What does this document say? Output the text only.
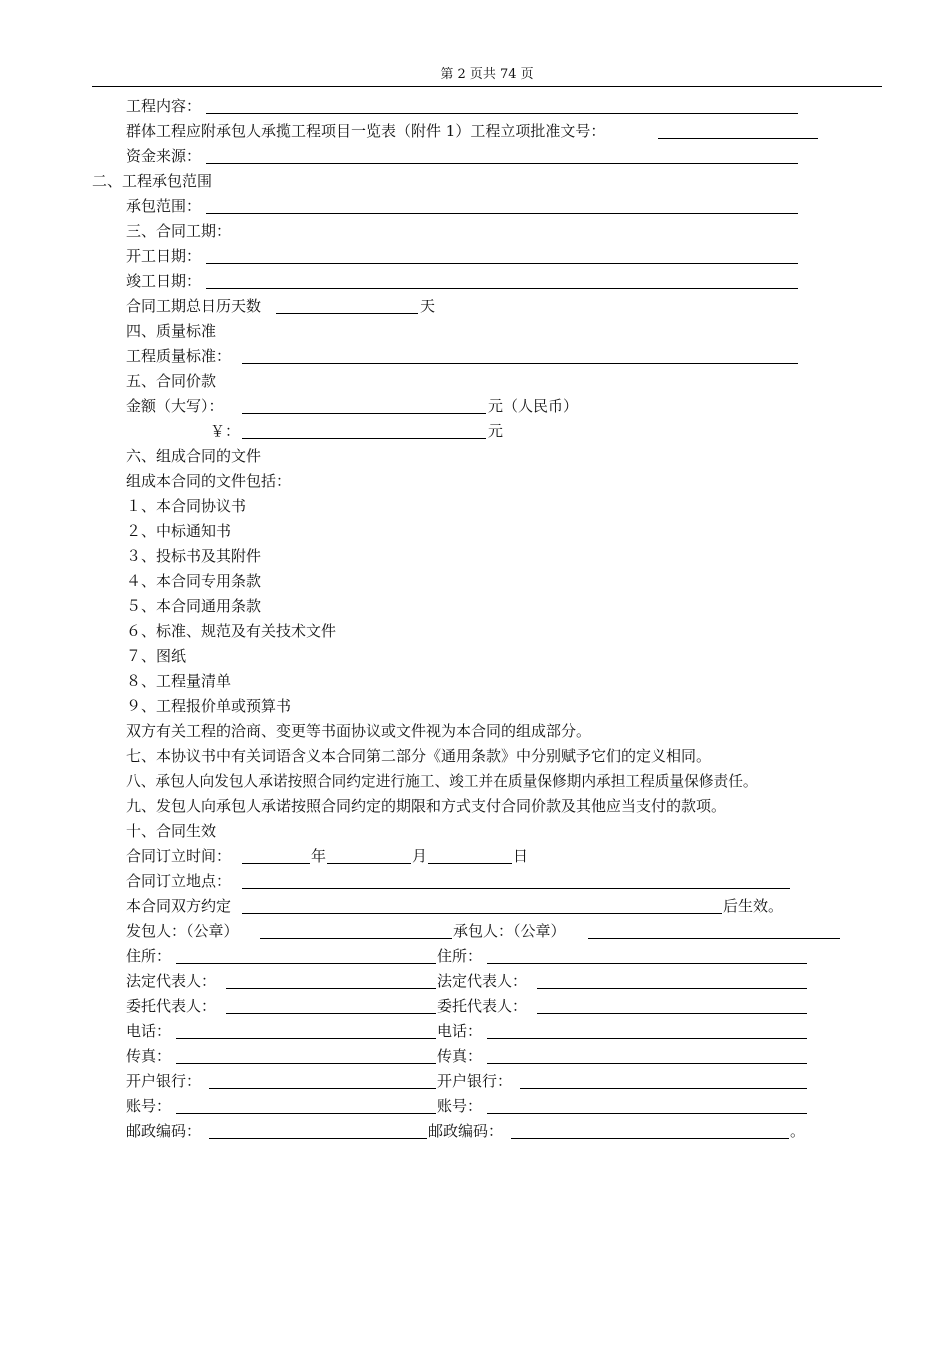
第 2 页共 74 页
工程内容：
群体工程应附承包人承揽工程项目一览表（附件 1）工程立项批准文号：
资金来源：
二、工程承包范围
承包范围：
三、合同工期：
开工日期：
竣工日期：
合同工期总日历天数	天
四、质量标准
工程质量标准：
五、合同价款
金额（大写）：	元（人民币）
￥：	元
六、组成合同的文件
组成本合同的文件包括：
１、本合同协议书
２、中标通知书
３、投标书及其附件
４、本合同专用条款
５、本合同通用条款
６、标准、规范及有关技术文件
７、图纸
８、工程量清单
９、工程报价单或预算书
双方有关工程的洽商、变更等书面协议或文件视为本合同的组成部分。
七、本协议书中有关词语含义本合同第二部分《通用条款》中分别赋予它们的定义相同。
八、承包人向发包人承诺按照合同约定进行施工、竣工并在质量保修期内承担工程质量保修责任。
九、发包人向承包人承诺按照合同约定的期限和方式支付合同价款及其他应当支付的款项。
十、合同生效
合同订立时间：	年	月	日
合同订立地点：
本合同双方约定	后生效。
发包人：（公章）	承包人：（公章）
住所：	住所：
法定代表人：	法定代表人：
委托代表人：	委托代表人：
电话：	电话：
传真：	传真：
开户银行：	开户银行：
账号：	账号：
邮政编码：	邮政编码：	。
